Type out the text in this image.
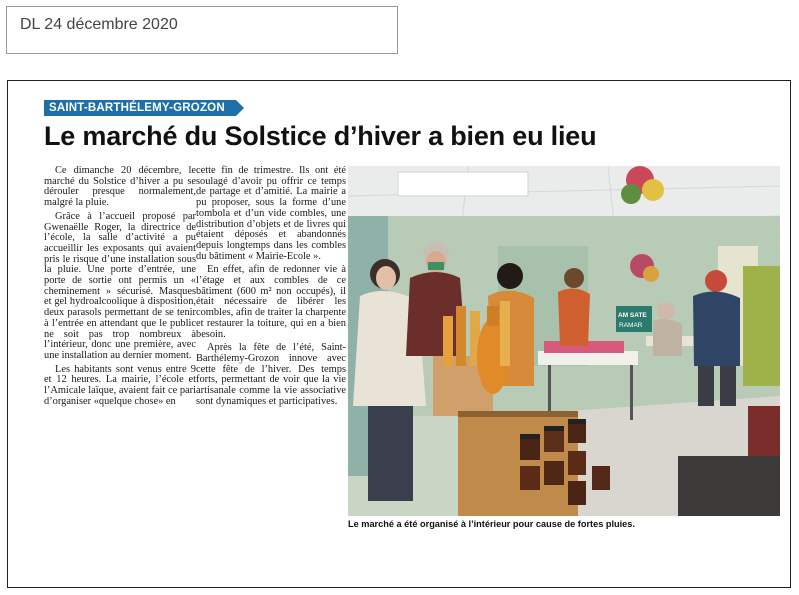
DL 24 décembre 2020
SAINT-BARTHÉLEMY-GROZON
Le marché du Solstice d’hiver a bien eu lieu

Ce dimanche 20 décembre, le marché du Solstice d’hiver a pu se dérouler presque normalement, malgré la pluie.

Grâce à l’accueil proposé par Gwenaëlle Roger, la directrice de l’école, la salle d’activité a pu accueillir les exposants qui avaient pris le risque d’une installation sous la pluie. Une porte d’entrée, une porte de sortie ont permis un « cheminement » sécurisé. Masques et gel hydroalcoolique à disposition, deux parasols permettant de se tenir à l’entrée en attendant que le public ne soit pas trop nombreux à l’intérieur, donc une première, avec une installation au dernier moment.

Les habitants sont venus entre 9 et 12 heures. La mairie, l’école et l’Amicale laïque, avaient fait ce pari d’organiser «quelque chose» en

cette fin de trimestre. Ils ont été soulagé d’avoir pu offrir ce temps de partage et d’amitié. La mairie a pu proposer, sous la forme d’une tombola et d’un vide combles, une distribution d’objets et de livres qui étaient déposés et abandonnés depuis longtemps dans les combles du bâtiment « Mairie-Ecole ».

En effet, afin de redonner vie à l’étage et aux combles de ce bâtiment (600 m² non occupés), il était nécessaire de libérer les combles, afin de traiter la charpente et restaurer la toiture, qui en a bien besoin.

Après la fête de l’été, Saint-Barthélemy-Grozon innove avec cette fête de l’hiver. Des temps forts, permettant de voir que la vie artisanale comme la vie associative sont dynamiques et participatives.

AM SATE
RAMAR
Le marché a été organisé à l’intérieur pour cause de fortes pluies.
